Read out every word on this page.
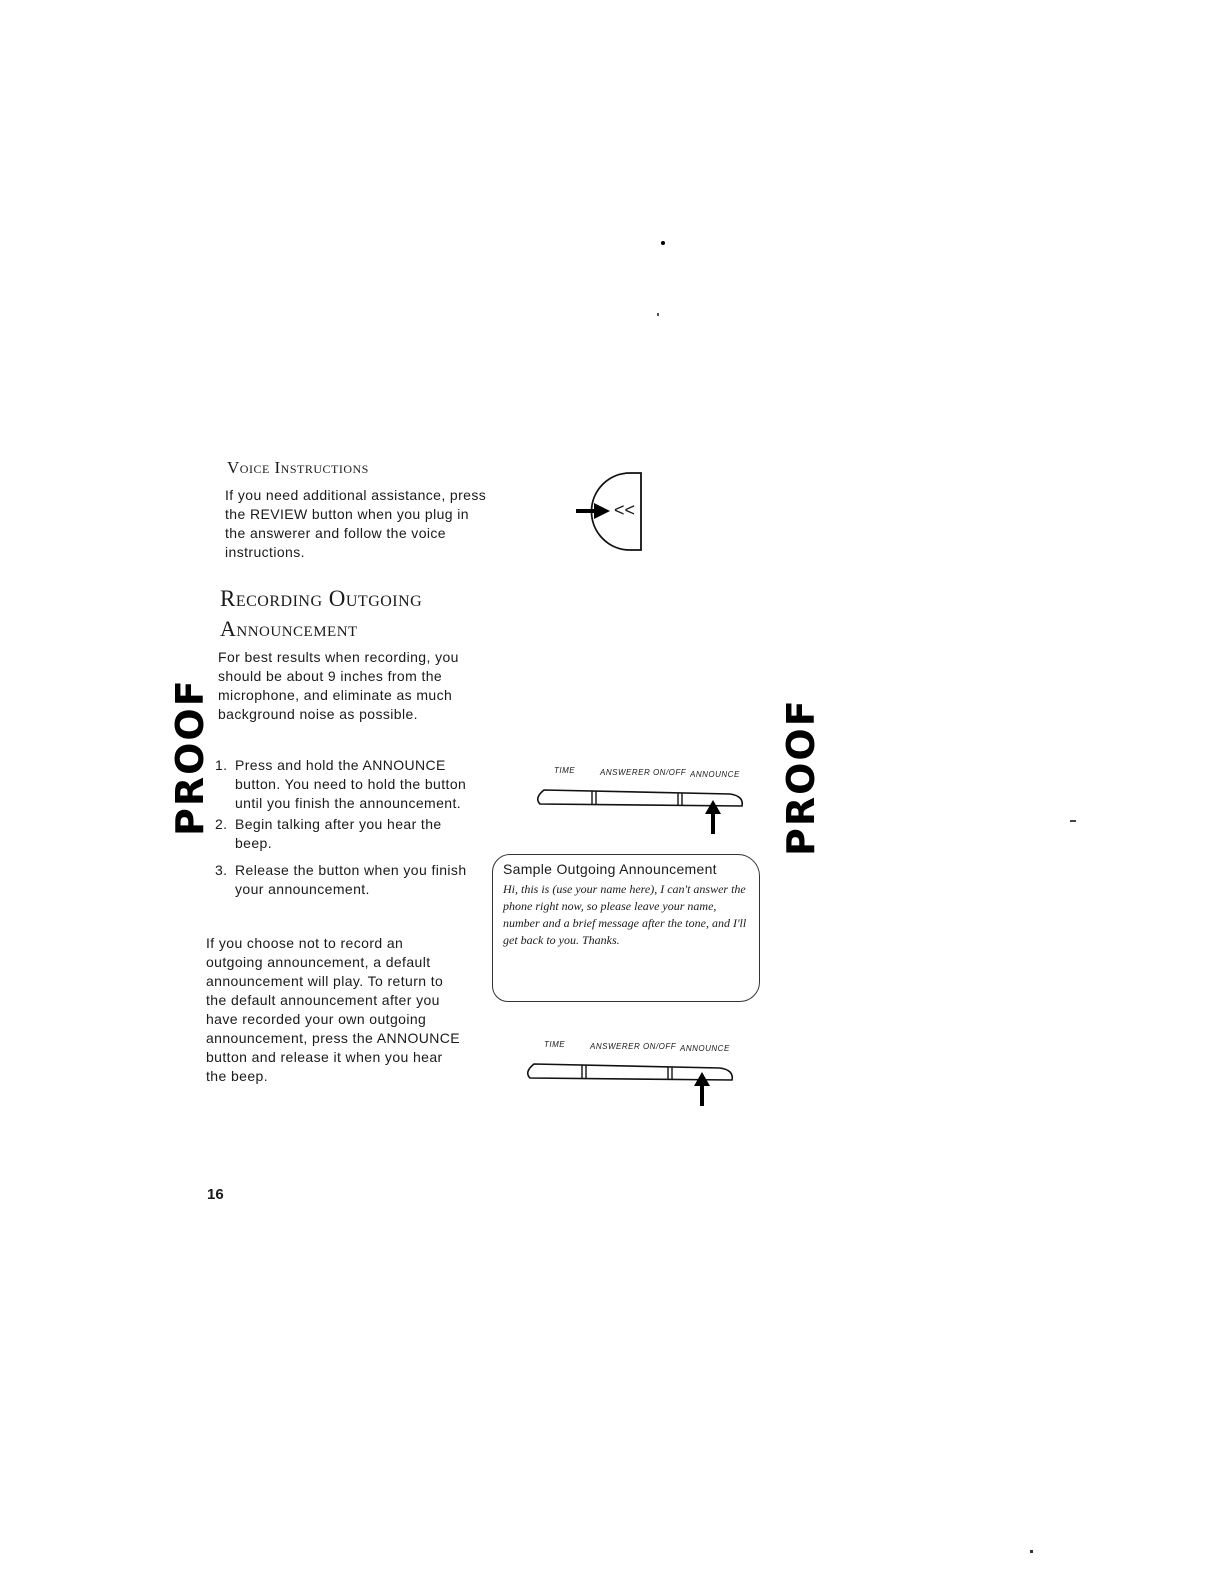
PROOF	PROOF
Voice Instructions
If you need additional assistance, press the REVIEW button when you plug in the answerer and follow the voice instructions.
<<
Recording Outgoing
Announcement
For best results when recording, you should be about 9 inches from the microphone, and eliminate as much background noise as possible.
1. Press and hold the ANNOUNCE button. You need to hold the button until you finish the announcement.
2. Begin talking after you hear the beep.
3. Release the button when you finish your announcement.
If you choose not to record an outgoing announcement, a default announcement will play. To return to the default announcement after you have recorded your own outgoing announcement, press the ANNOUNCE button and release it when you hear the beep.
TIME	ANSWERER ON/OFF ANNOUNCE
Sample Outgoing Announcement
Hi, this is (use your name here), I can't answer the phone right now, so please leave your name, number and a brief message after the tone, and I'll get back to you. Thanks.
TIME	ANSWERER ON/OFF ANNOUNCE
16
